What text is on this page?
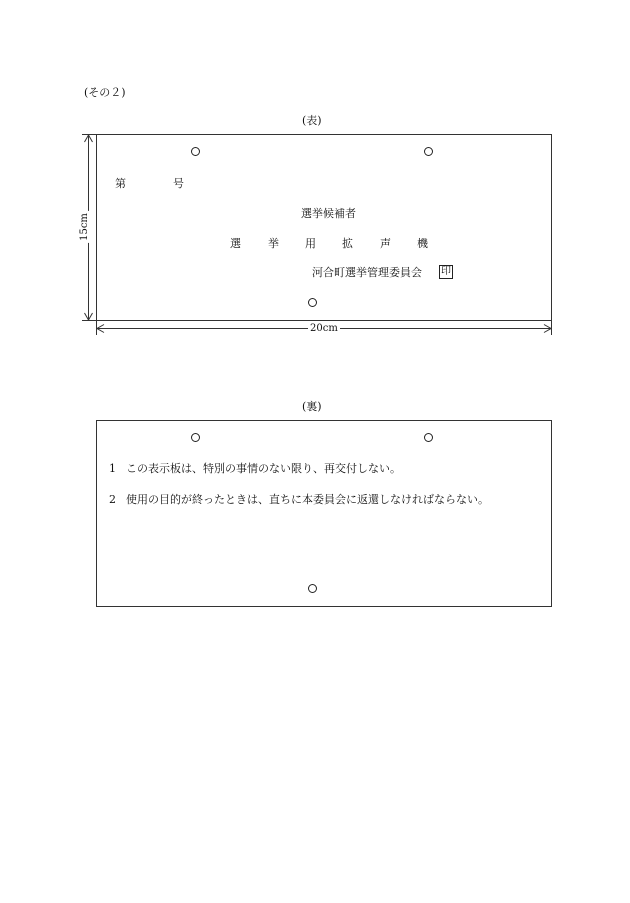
(その２)
(表)
第	号
選挙候補者
選 挙 用 拡 声 機
河合町選挙管理委員会 印
15cm
20cm
(裏)
1 この表示板は、特別の事情のない限り、再交付しない。
2 使用の目的が終ったときは、直ちに本委員会に返還しなければならない。
